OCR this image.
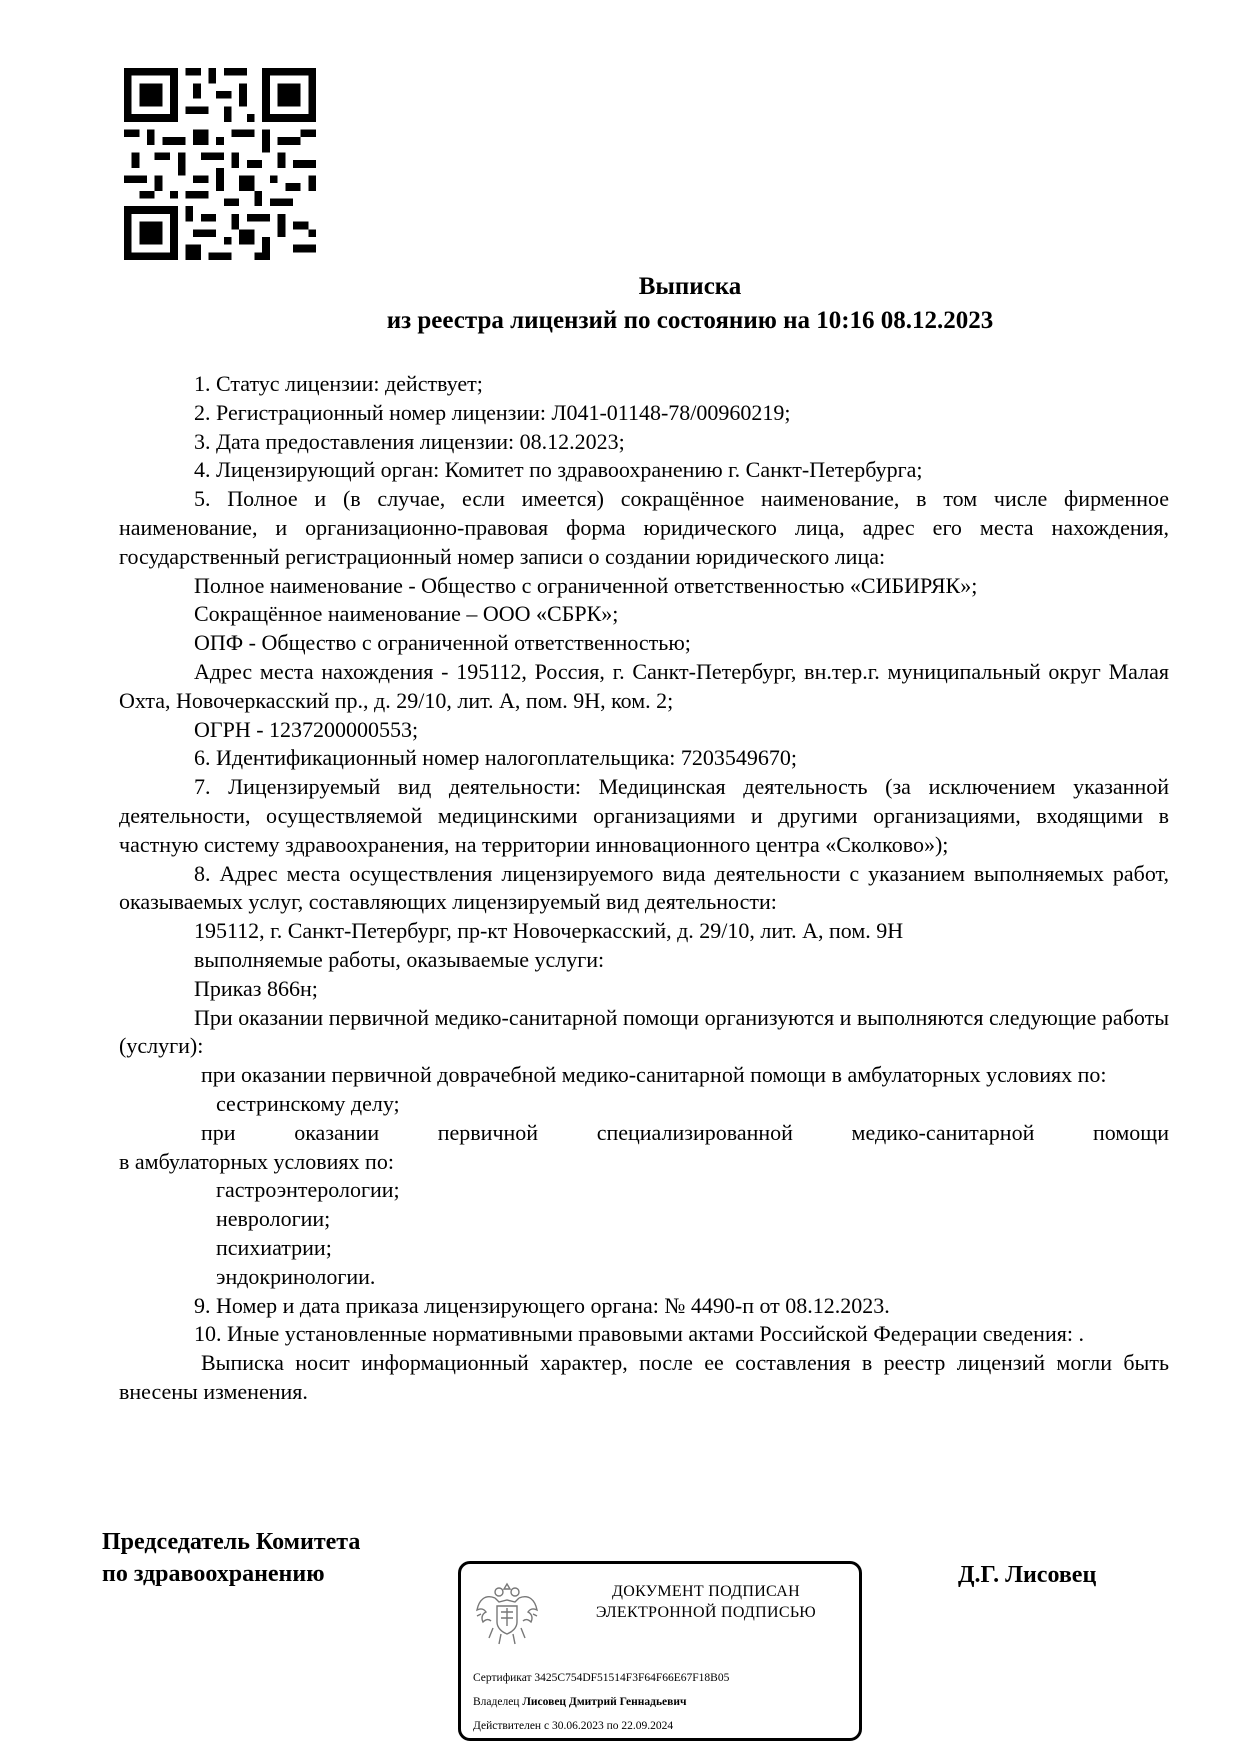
Выписка
из реестра лицензий по состоянию на 10:16 08.12.2023

1. Статус лицензии: действует;

2. Регистрационный номер лицензии: Л041-01148-78/00960219;

3. Дата предоставления лицензии: 08.12.2023;

4. Лицензирующий орган: Комитет по здравоохранению г. Санкт-Петербурга;

5. Полное и (в случае, если имеется) сокращённое наименование, в том числе фирменное наименование, и организационно-правовая форма юридического лица, адрес его места нахождения, государственный регистрационный номер записи о создании юридического лица:

Полное наименование - Общество с ограниченной ответственностью «СИБИРЯК»;

Сокращённое наименование – ООО «СБРК»;

ОПФ - Общество с ограниченной ответственностью;

Адрес места нахождения - 195112, Россия, г. Санкт-Петербург, вн.тер.г. муниципальный округ Малая Охта, Новочеркасский пр., д. 29/10, лит. А, пом. 9Н, ком. 2;

ОГРН - 1237200000553;

6. Идентификационный номер налогоплательщика: 7203549670;

7. Лицензируемый вид деятельности: Медицинская деятельность (за исключением указанной деятельности, осуществляемой медицинскими организациями и другими организациями, входящими в частную систему здравоохранения, на территории инновационного центра «Сколково»);

8. Адрес места осуществления лицензируемого вида деятельности с указанием выполняемых работ, оказываемых услуг, составляющих лицензируемый вид деятельности:

195112, г. Санкт-Петербург, пр-кт Новочеркасский, д. 29/10, лит. А, пом. 9Н

выполняемые работы, оказываемые услуги:

Приказ 866н;

При оказании первичной медико-санитарной помощи организуются и выполняются следующие работы (услуги):

при оказании первичной доврачебной медико-санитарной помощи в амбулаторных условиях по:

сестринскому делу;

при оказании первичной специализированной медико-санитарной помощи

в амбулаторных условиях по:

гастроэнтерологии;

неврологии;

психиатрии;

эндокринологии.

9. Номер и дата приказа лицензирующего органа: № 4490-п от 08.12.2023.

10. Иные установленные нормативными правовыми актами Российской Федерации сведения: .

Выписка носит информационный характер, после ее составления в реестр лицензий могли быть внесены изменения.

Председатель Комитета
по здравоохранению	Д.Г. Лисовец
ДОКУМЕНТ ПОДПИСАН
ЭЛЕКТРОННОЙ ПОДПИСЬЮ
Сертификат 3425C754DF51514F3F64F66E67F18B05
Владелец Лисовец Дмитрий Геннадьевич
Действителен с 30.06.2023 по 22.09.2024
